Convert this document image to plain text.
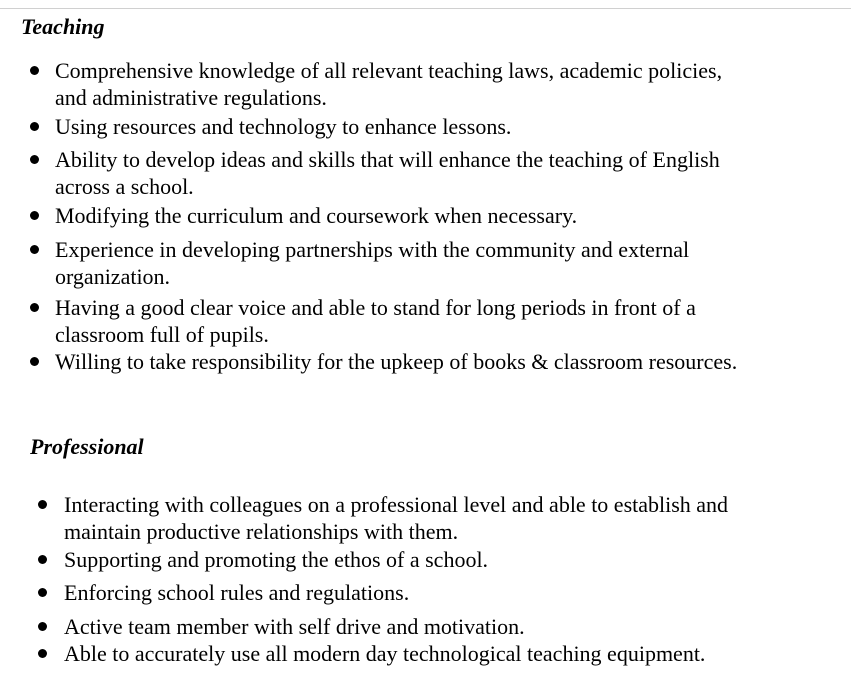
Teaching
Comprehensive knowledge of all relevant teaching laws, academic policies, and administrative regulations.
Using resources and technology to enhance lessons.
Ability to develop ideas and skills that will enhance the teaching of English across a school.
Modifying the curriculum and coursework when necessary.
Experience in developing partnerships with the community and external organization.
Having a good clear voice and able to stand for long periods in front of a classroom full of pupils.
Willing to take responsibility for the upkeep of books & classroom resources.
Professional
Interacting with colleagues on a professional level and able to establish and maintain productive relationships with them.
Supporting and promoting the ethos of a school.
Enforcing school rules and regulations.
Active team member with self drive and motivation.
Able to accurately use all modern day technological teaching equipment.
